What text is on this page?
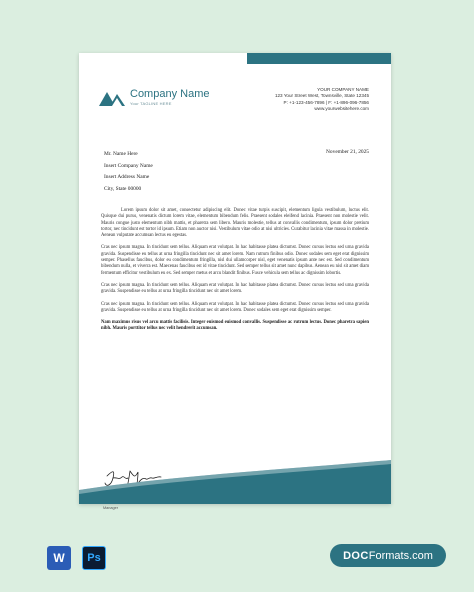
Company Name
Your TAGLINE HERE
YOUR COMPANY NAME
123 Your Street West, Townsville, State 12345
P: +1-123-456-7896 | F: +1-896-096-7856
www.yourwebsitehere.com
Mr. Name Here
Insert Company Name
Insert Address Name
City, State 00000
November 21, 2025

Lorem ipsum dolor sit amet, consectetur adipiscing elit. Donec vitae turpis suscipit, elementum ligula vestibulum, luctus elit. Quisque dui purus, venenatis dictum lorem vitae, elementum bibendum felis. Praesent sodales eleifend lacinia. Praesent non molestie velit. Mauris congue justo elementum nibh mattis, et pharetra sem libero. Mauris molestie, tellus at convallis condimentum, ipsum dolor pretium tortor, nec tincidunt est tortor id ipsum. Etiam non auctor nisi. Vestibulum vitae odio at nisi ultricies. Curabitur lacinia vitae massa in molestie. Aenean vulputate accumsan lectus eu egestas.

Cras nec ipsum magna. In tincidunt sem tellus. Aliquam erat volutpat. In hac habitasse platea dictumst. Donec cursus lectus sed urna gravida gravida. Suspendisse eu tellus at urna fringilla tincidunt nec sit amet lorem. Nam rutrum finibus odio. Donec sodales sem eget erat dignissim semper. Phasellus faucibus, dolor eu condimentum fringilla, nisl dui ullamcorper nisl, eget venenatis ipsum ante nec est. Sed condimentum bibendum nulla, et viverra est. Maecenas faucibus est id vitae tincidunt. Sed semper tellus sit amet nunc dapibus. Aenean eu nisl sit amet diam fermentum efficitur vestibulum eu ex. Sed semper metus et arcu blandit finibus. Fusce vehicula sem tellus ac dignissim lobortis.

Cras nec ipsum magna. In tincidunt sem tellus. Aliquam erat volutpat. In hac habitasse platea dictumst. Donec cursus lectus sed urna gravida gravida. Suspendisse eu tellus at urna fringilla tincidunt nec sit amet lorem.

Cras nec ipsum magna. In tincidunt sem tellus. Aliquam erat volutpat. In hac habitasse platea dictumst. Donec cursus lectus sed urna gravida gravida. Suspendisse eu tellus at urna fringilla tincidunt nec sit amet lorem. Donec sodales sem eget erat dignissim semper.

Nam maximus risus vel arcu mattis facilisis. Integer euismod euismod convallis. Suspendisse ac rutrum lectus. Donec pharetra sapien nibh. Mauris porttitor tellus nec velit hendrerit accumsan.

Manager
W	Ps	DOC Formats.com
